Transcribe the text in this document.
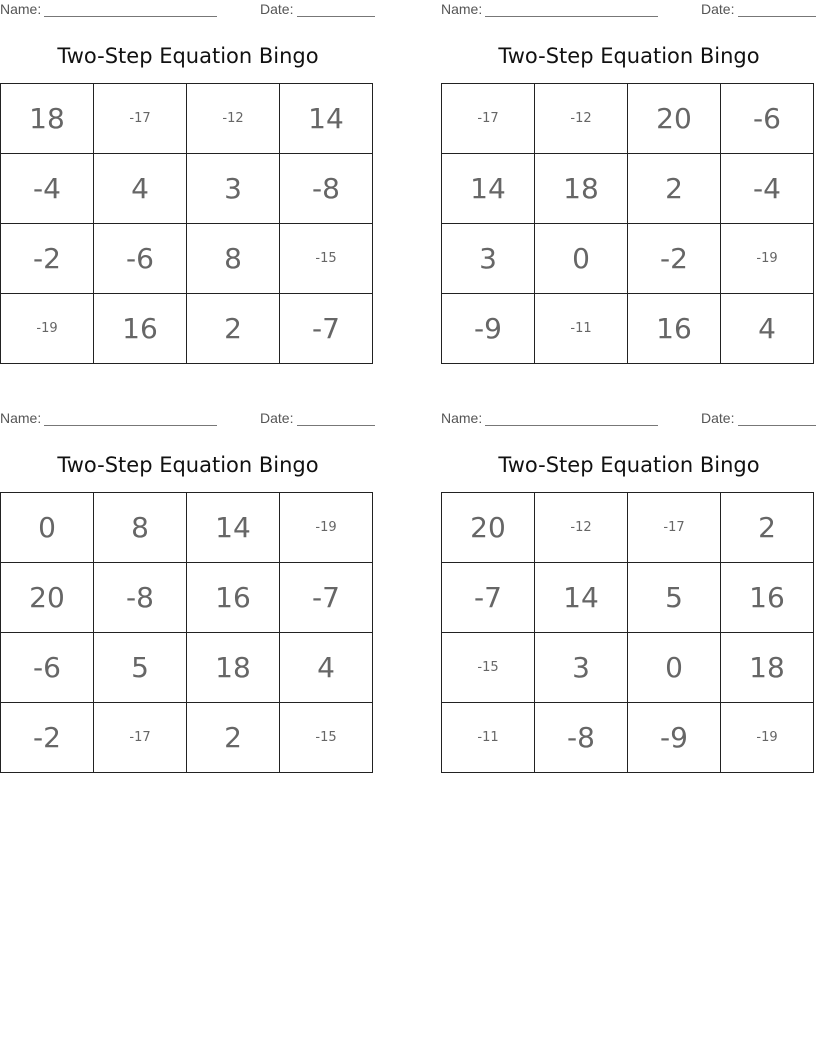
Name:	Date:
Two-Step Equation Bingo
18	-17	-12	14
-4	4	3	-8
-2	-6	8	-15
-19	16	2	-7
Name:	Date:
Two-Step Equation Bingo
-17	-12	20	-6
14	18	2	-4
3	0	-2	-19
-9	-11	16	4
Name:	Date:
Two-Step Equation Bingo
0	8	14	-19
20	-8	16	-7
-6	5	18	4
-2	-17	2	-15
Name:	Date:
Two-Step Equation Bingo
20	-12	-17	2
-7	14	5	16
-15	3	0	18
-11	-8	-9	-19
